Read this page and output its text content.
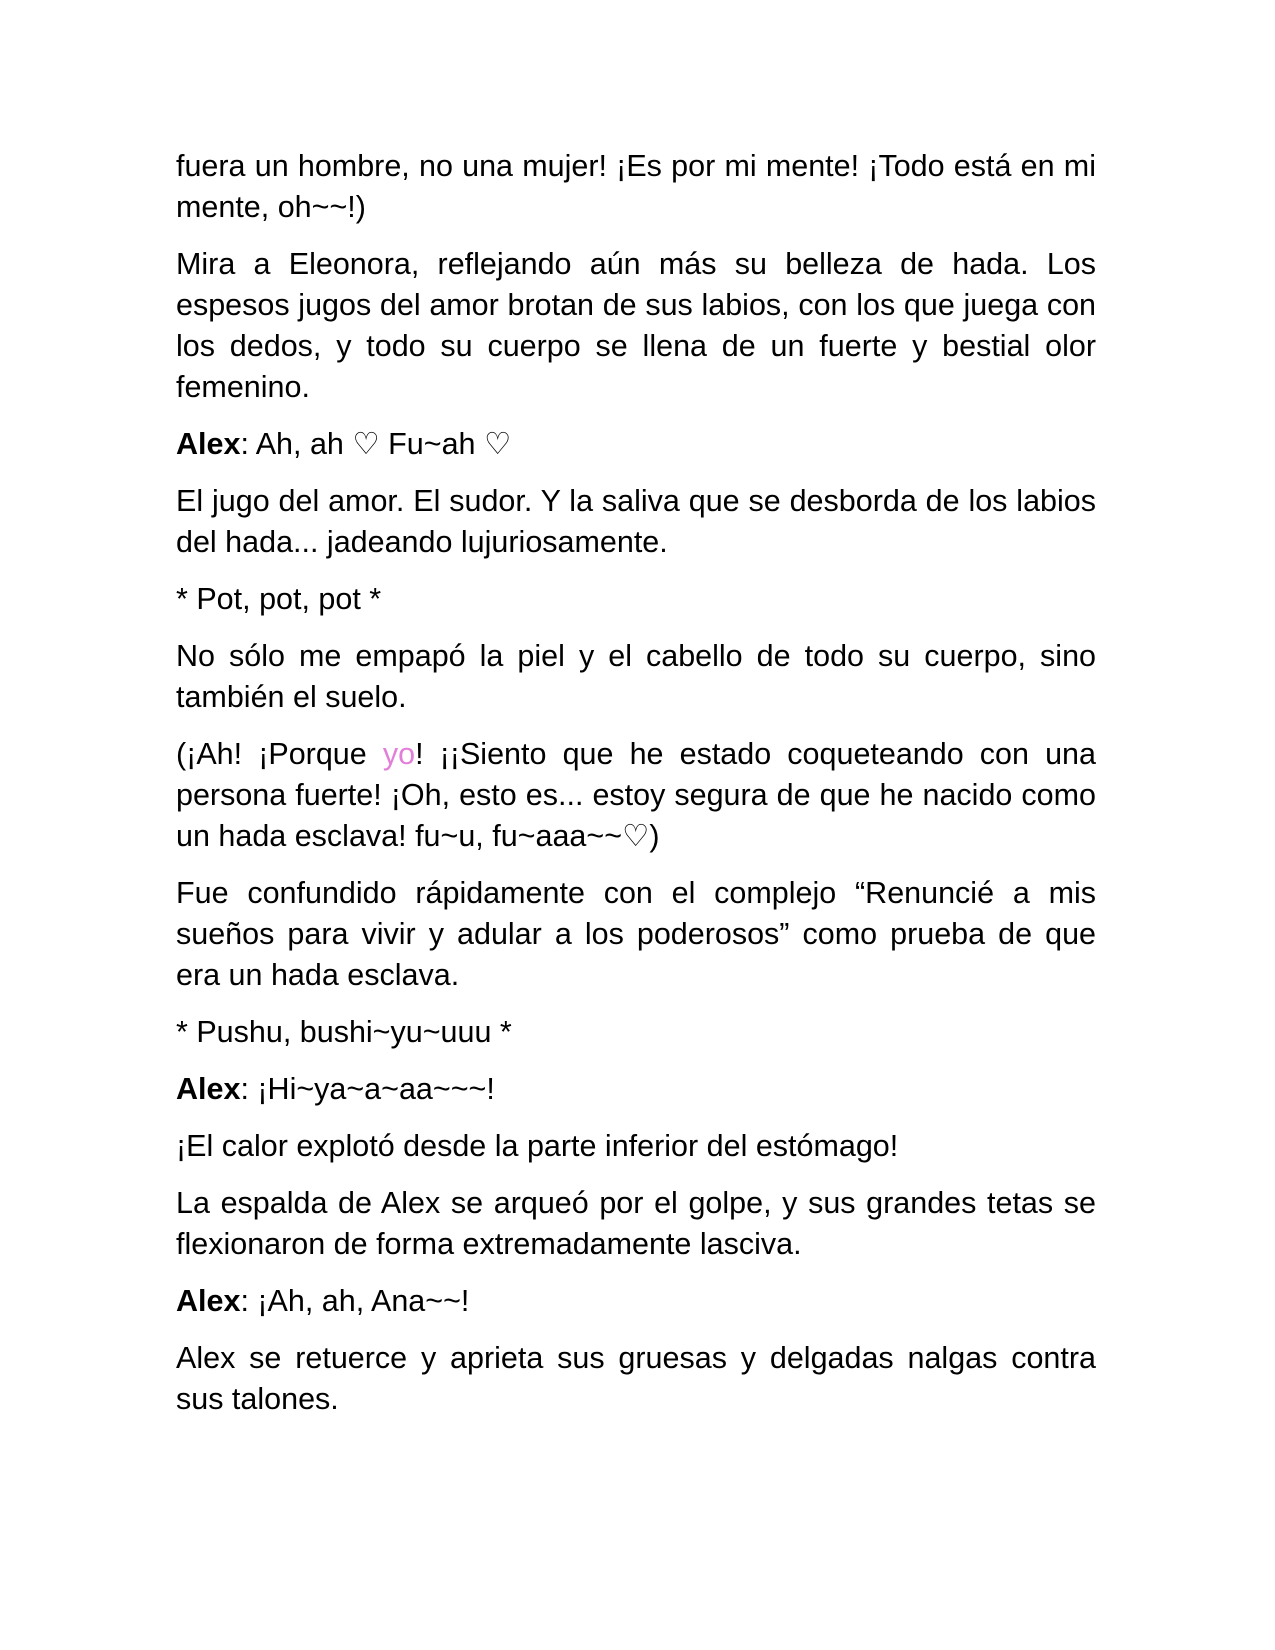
fuera un hombre, no una mujer! ¡Es por mi mente! ¡Todo está en mi mente, oh~~!)

Mira a Eleonora, reflejando aún más su belleza de hada. Los espesos jugos del amor brotan de sus labios, con los que juega con los dedos, y todo su cuerpo se llena de un fuerte y bestial olor femenino.

Alex: Ah, ah ♡ Fu~ah ♡

El jugo del amor. El sudor. Y la saliva que se desborda de los labios del hada... jadeando lujuriosamente.

* Pot, pot, pot *

No sólo me empapó la piel y el cabello de todo su cuerpo, sino también el suelo.

(¡Ah! ¡Porque yo! ¡¡Siento que he estado coqueteando con una persona fuerte! ¡Oh, esto es... estoy segura de que he nacido como un hada esclava! fu~u, fu~aaa~~♡)

Fue confundido rápidamente con el complejo “Renuncié a mis sueños para vivir y adular a los poderosos” como prueba de que era un hada esclava.

* Pushu, bushi~yu~uuu *

Alex: ¡Hi~ya~a~aa~~~!

¡El calor explotó desde la parte inferior del estómago!

La espalda de Alex se arqueó por el golpe, y sus grandes tetas se flexionaron de forma extremadamente lasciva.

Alex: ¡Ah, ah, Ana~~!

Alex se retuerce y aprieta sus gruesas y delgadas nalgas contra sus talones.
